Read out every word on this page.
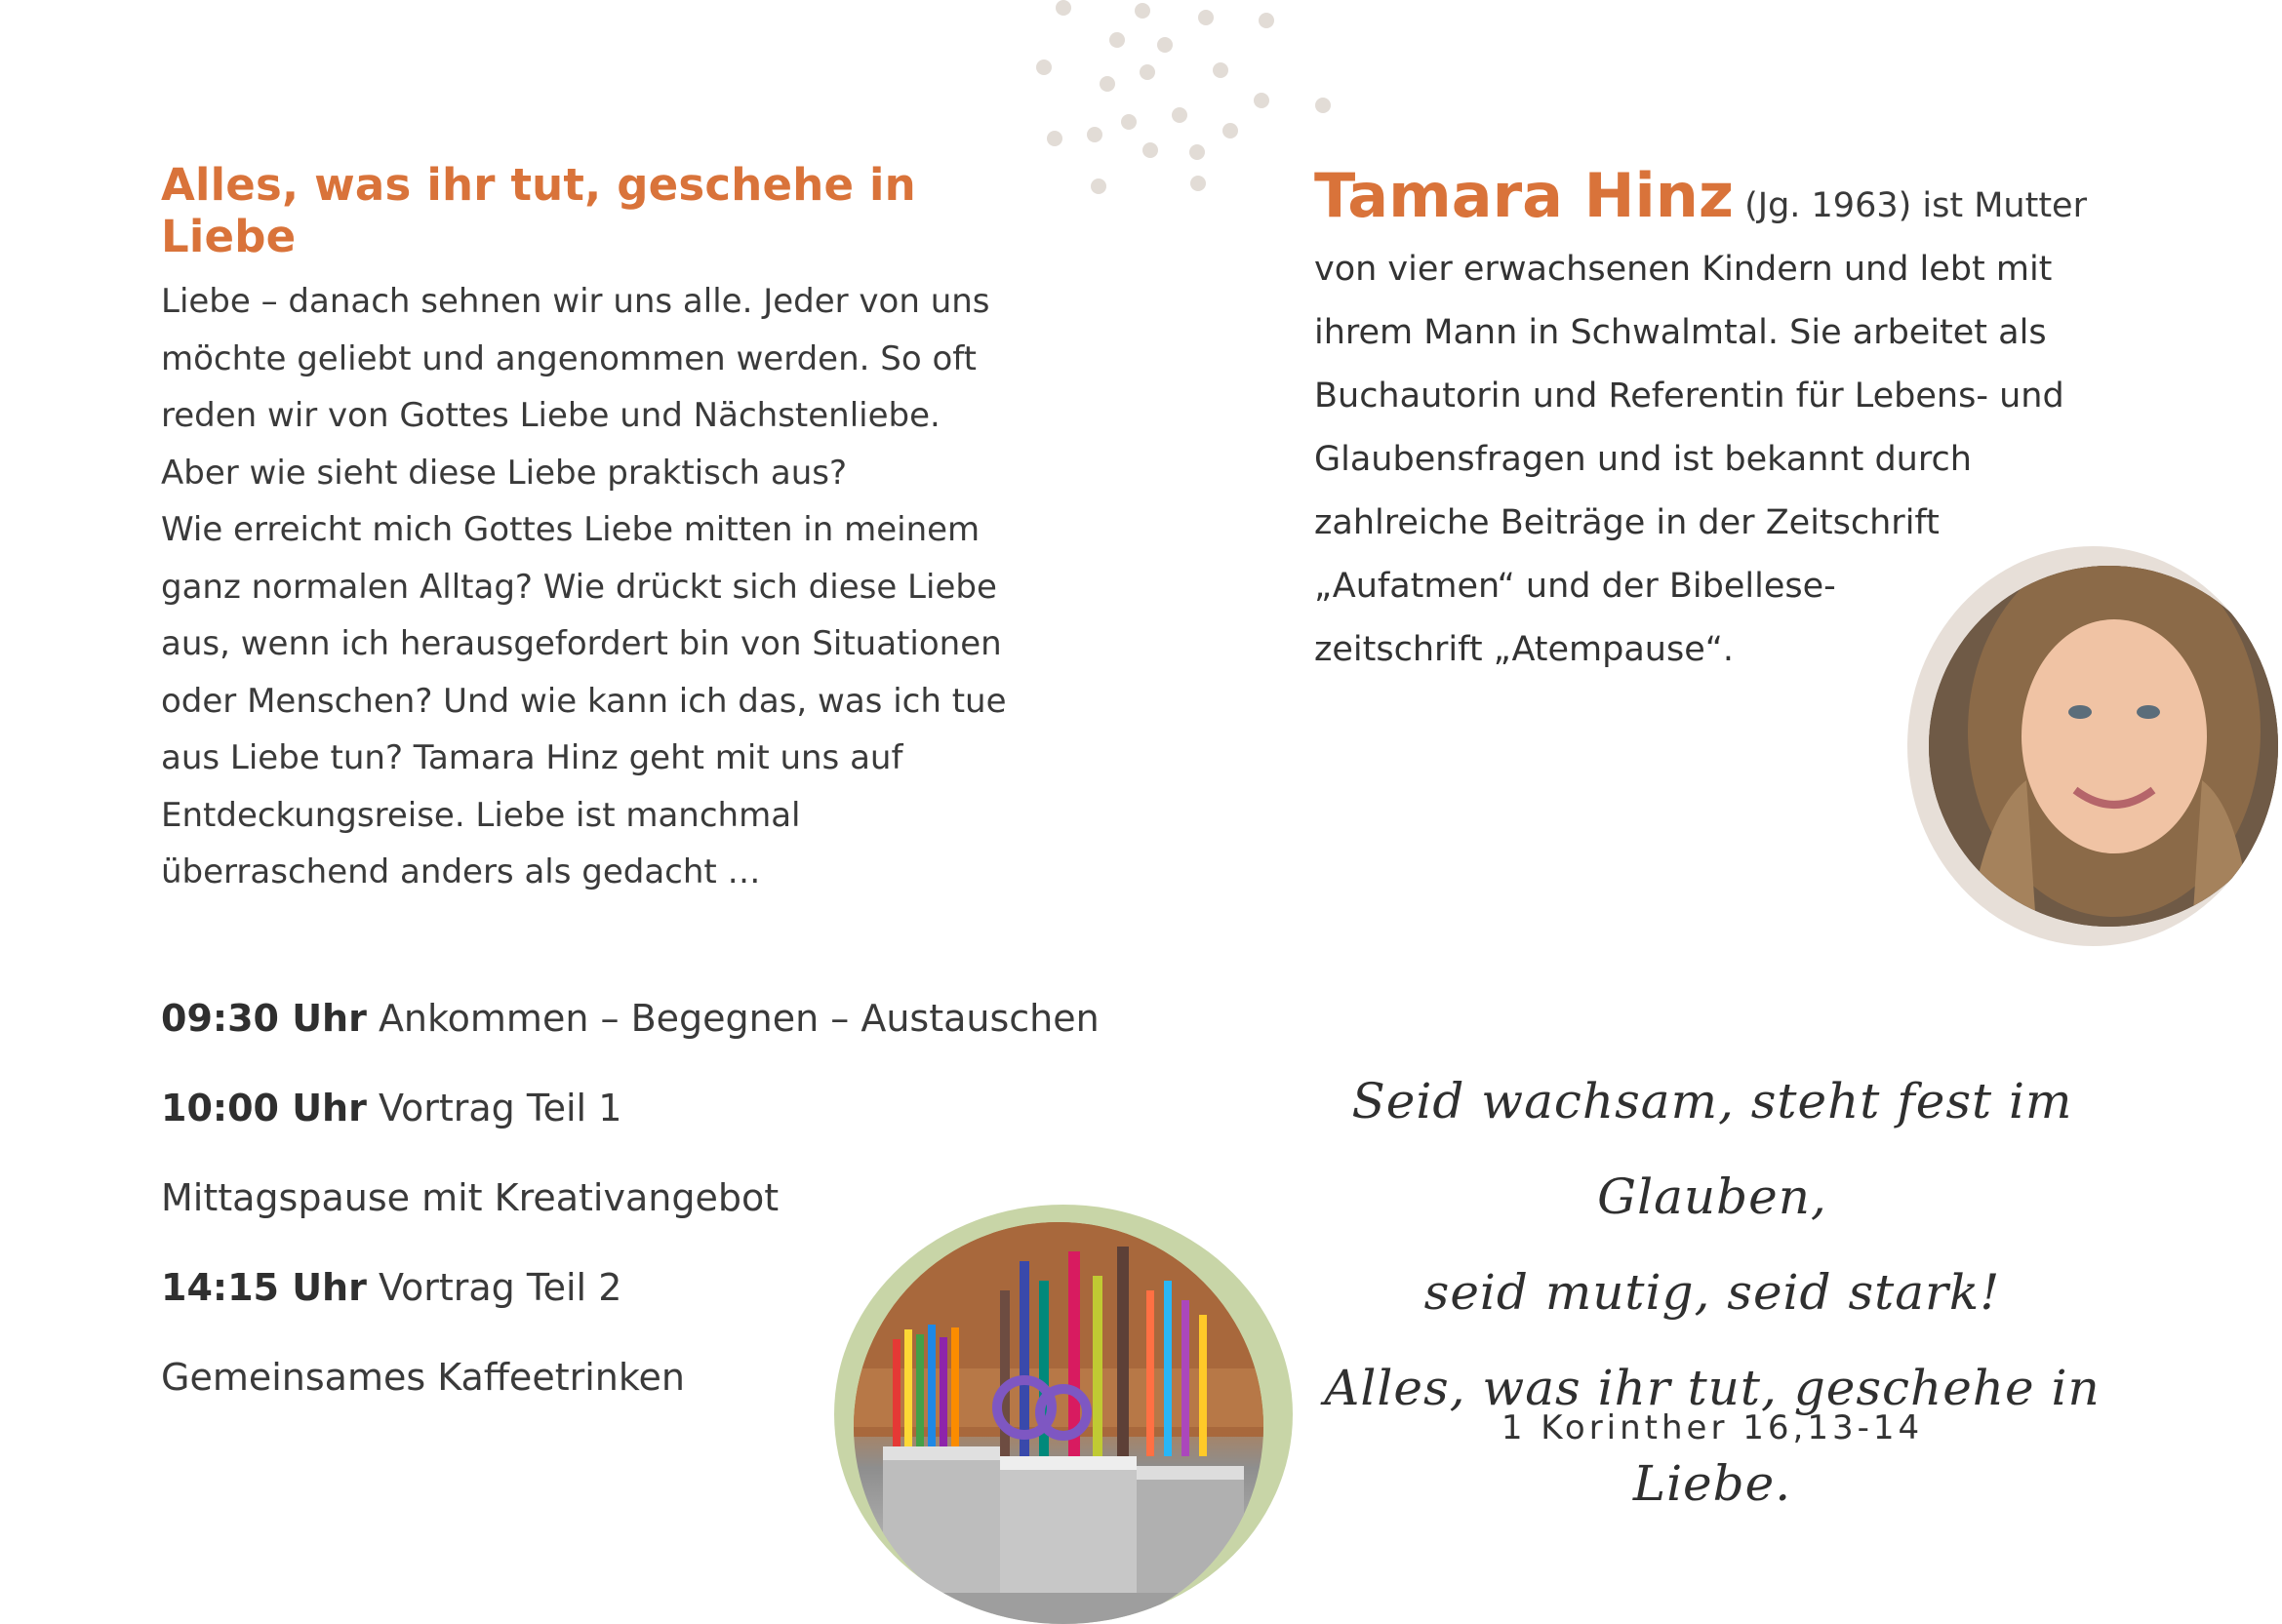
Alles, was ihr tut, geschehe in Liebe

Liebe – danach sehnen wir uns alle. Jeder von uns

möchte geliebt und angenommen werden. So oft

reden wir von Gottes Liebe und Nächstenliebe.

Aber wie sieht diese Liebe praktisch aus?

Wie erreicht mich Gottes Liebe mitten in meinem

ganz normalen Alltag? Wie drückt sich diese Liebe

aus, wenn ich herausgefordert bin von Situationen

oder Menschen? Und wie kann ich das, was ich tue

aus Liebe tun? Tamara Hinz geht mit uns auf

Entdeckungsreise. Liebe ist manchmal

überraschend anders als gedacht …

09:30 Uhr Ankommen – Begegnen – Austauschen
10:00 Uhr Vortrag Teil 1
Mittagspause mit Kreativangebot
14:15 Uhr Vortrag Teil 2
Gemeinsames Kaffeetrinken
Tamara Hinz (Jg. 1963) ist Mutter

von vier erwachsenen Kindern und lebt mit

ihrem Mann in Schwalmtal. Sie arbeitet als

Buchautorin und Referentin für Lebens- und

Glaubensfragen und ist bekannt durch

zahlreiche Beiträge in der Zeitschrift

„Aufatmen“ und der Bibellese-

zeitschrift „Atempause“.

Seid wachsam, steht fest im Glauben,

seid mutig, seid stark!

Alles, was ihr tut, geschehe in Liebe.

1 Korinther 16,13-14
